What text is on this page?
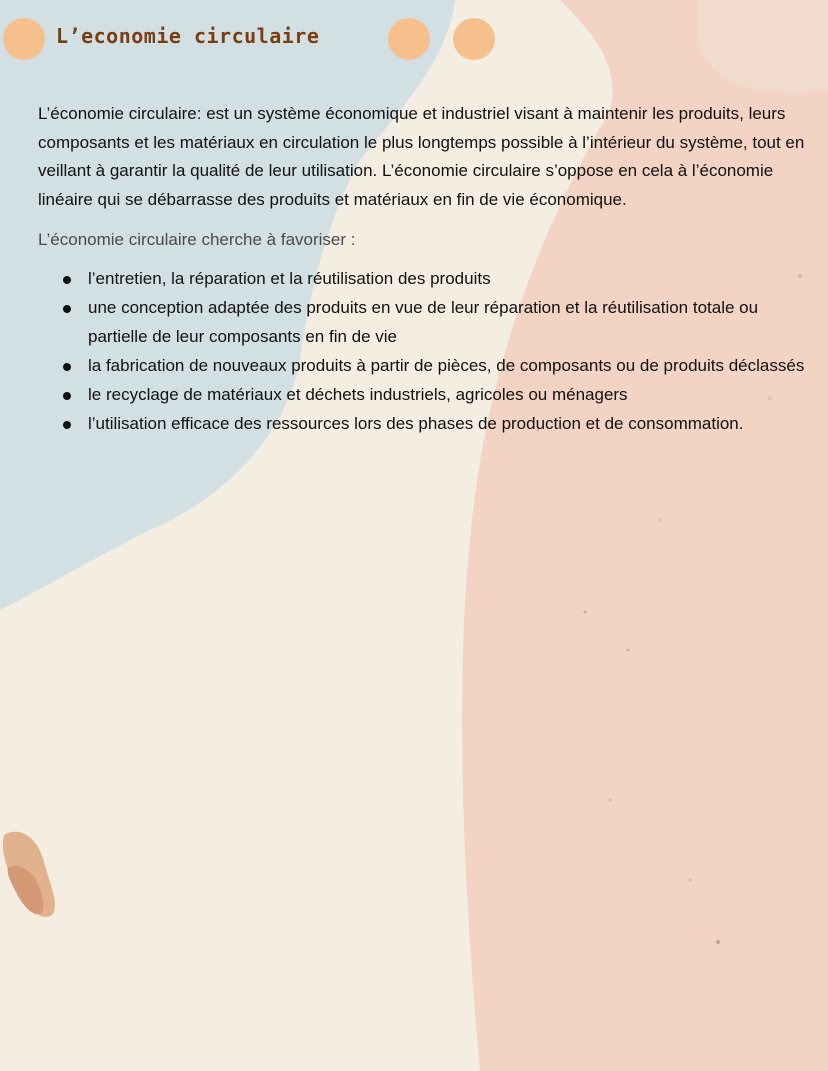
L’economie circulaire

L’économie circulaire: est un système économique et industriel visant à maintenir les produits, leurs composants et les matériaux en circulation le plus longtemps possible à l’intérieur du système, tout en veillant à garantir la qualité de leur utilisation. L’économie circulaire s’oppose en cela à l’économie linéaire qui se débarrasse des produits et matériaux en fin de vie économique.

L’économie circulaire cherche à favoriser :

l’entretien, la réparation et la réutilisation des produits
une conception adaptée des produits en vue de leur réparation et la réutilisation totale ou partielle de leur composants en fin de vie
la fabrication de nouveaux produits à partir de pièces, de composants ou de produits déclassés
le recyclage de matériaux et déchets industriels, agricoles ou ménagers
l’utilisation efficace des ressources lors des phases de production et de consommation.
